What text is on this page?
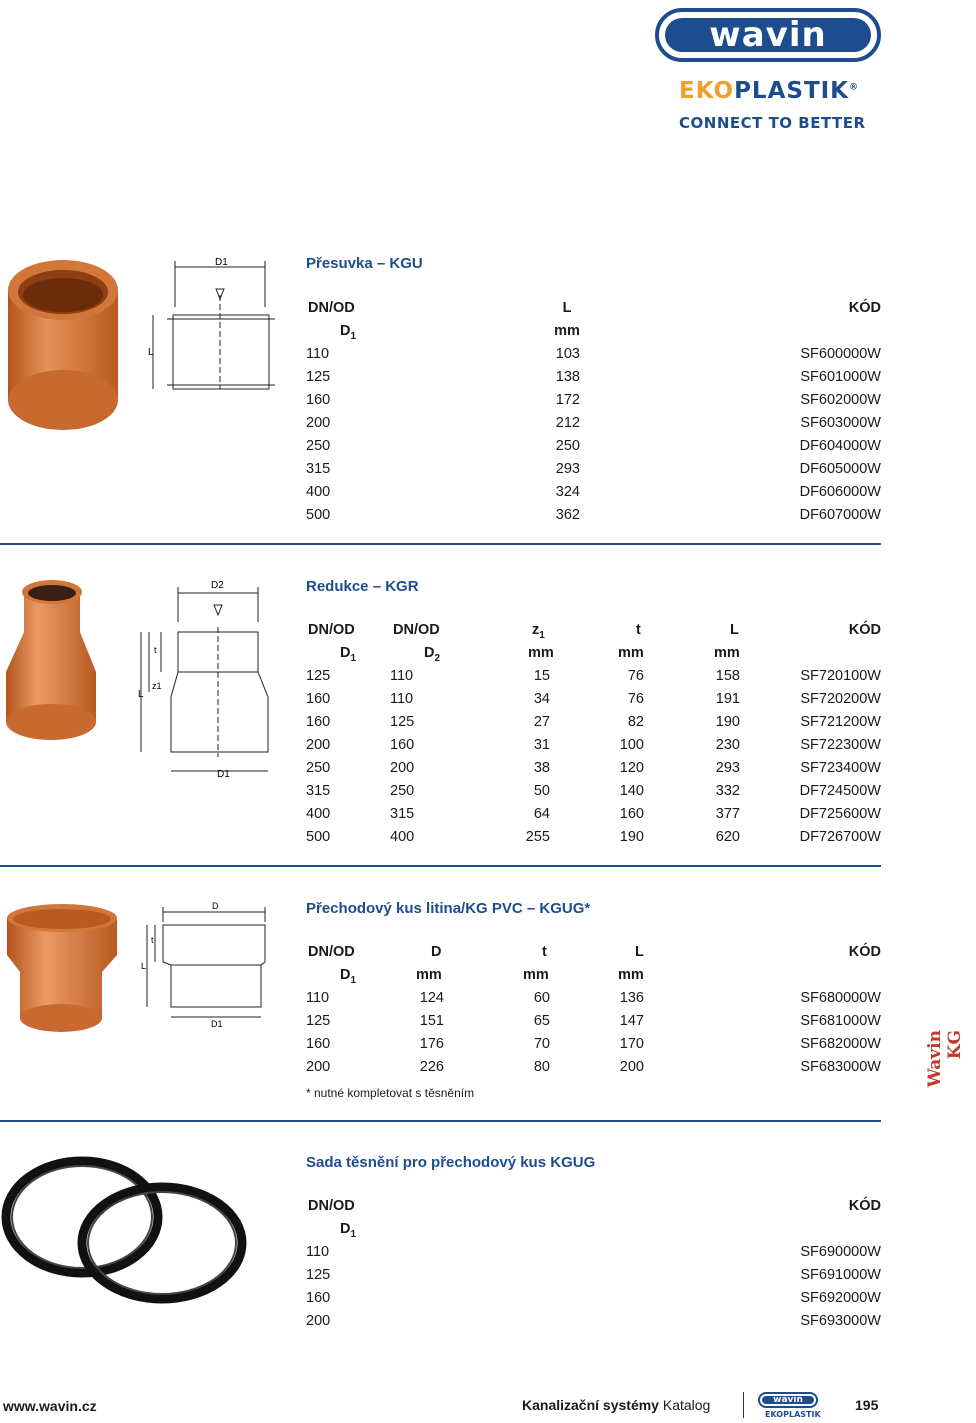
wavin
EKOPLASTIK®
CONNECT TO BETTER
D1
L
Přesuvka – KGU
DN/OD	L	KÓD
$D_1$	mm
110	103	SF600000W
125	138	SF601000W
160	172	SF602000W
200	212	SF603000W
250	250	DF604000W
315	293	DF605000W
400	324	DF606000W
500	362	DF607000W
D2
D1
L
z1
t
Redukce – KGR
DN/OD	DN/OD	$z_1$	t	L	KÓD
$D_1$	$D_2$	mm	mm	mm
125	110	15	76	158	SF720100W
160	110	34	76	191	SF720200W
160	125	27	82	190	SF721200W
200	160	31	100	230	SF722300W
250	200	38	120	293	SF723400W
315	250	50	140	332	DF724500W
400	315	64	160	377	DF725600W
500	400	255	190	620	DF726700W
D
D1
L
t
Přechodový kus litina/KG PVC – KGUG*
DN/OD	D	t	L	KÓD
$D_1$	mm	mm	mm
110	124	60	136	SF680000W
125	151	65	147	SF681000W
160	176	70	170	SF682000W
200	226	80	200	SF683000W
* nutné kompletovat s těsněním
Wavin KG
Sada těsnění pro přechodový kus KGUG
DN/OD	KÓD
$D_1$
110	SF690000W
125	SF691000W
160	SF692000W
200	SF693000W
www.wavin.cz	Kanalizační systémy Katalog	wavin
EKOPLASTIK
195
